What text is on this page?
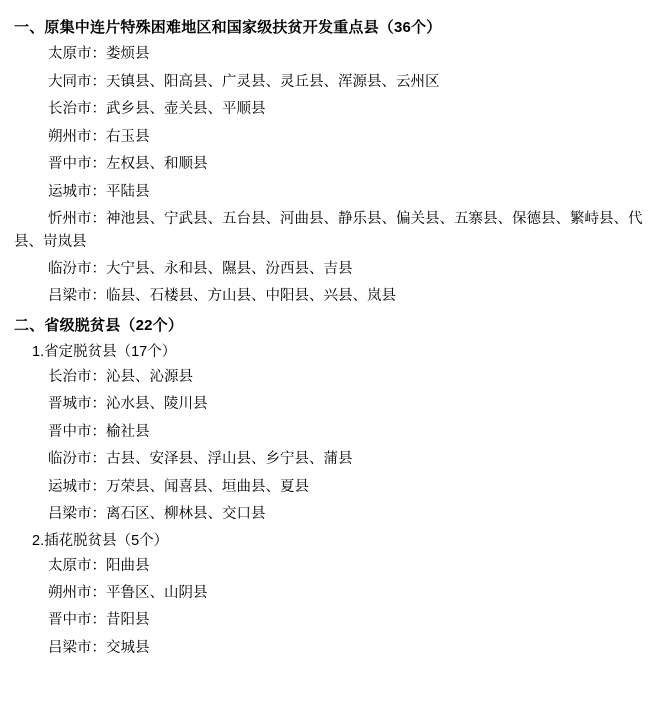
一、原集中连片特殊困难地区和国家级扶贫开发重点县（36个）
太原市：娄烦县
大同市：天镇县、阳高县、广灵县、灵丘县、浑源县、云州区
长治市：武乡县、壶关县、平顺县
朔州市：右玉县
晋中市：左权县、和顺县
运城市：平陆县
忻州市：神池县、宁武县、五台县、河曲县、静乐县、偏关县、五寨县、保德县、繁峙县、代县、岢岚县
临汾市：大宁县、永和县、隰县、汾西县、吉县
吕梁市：临县、石楼县、方山县、中阳县、兴县、岚县
二、省级脱贫县（22个）
1.省定脱贫县（17个）
长治市：沁县、沁源县
晋城市：沁水县、陵川县
晋中市：榆社县
临汾市：古县、安泽县、浮山县、乡宁县、蒲县
运城市：万荣县、闻喜县、垣曲县、夏县
吕梁市：离石区、柳林县、交口县
2.插花脱贫县（5个）
太原市：阳曲县
朔州市：平鲁区、山阴县
晋中市：昔阳县
吕梁市：交城县
